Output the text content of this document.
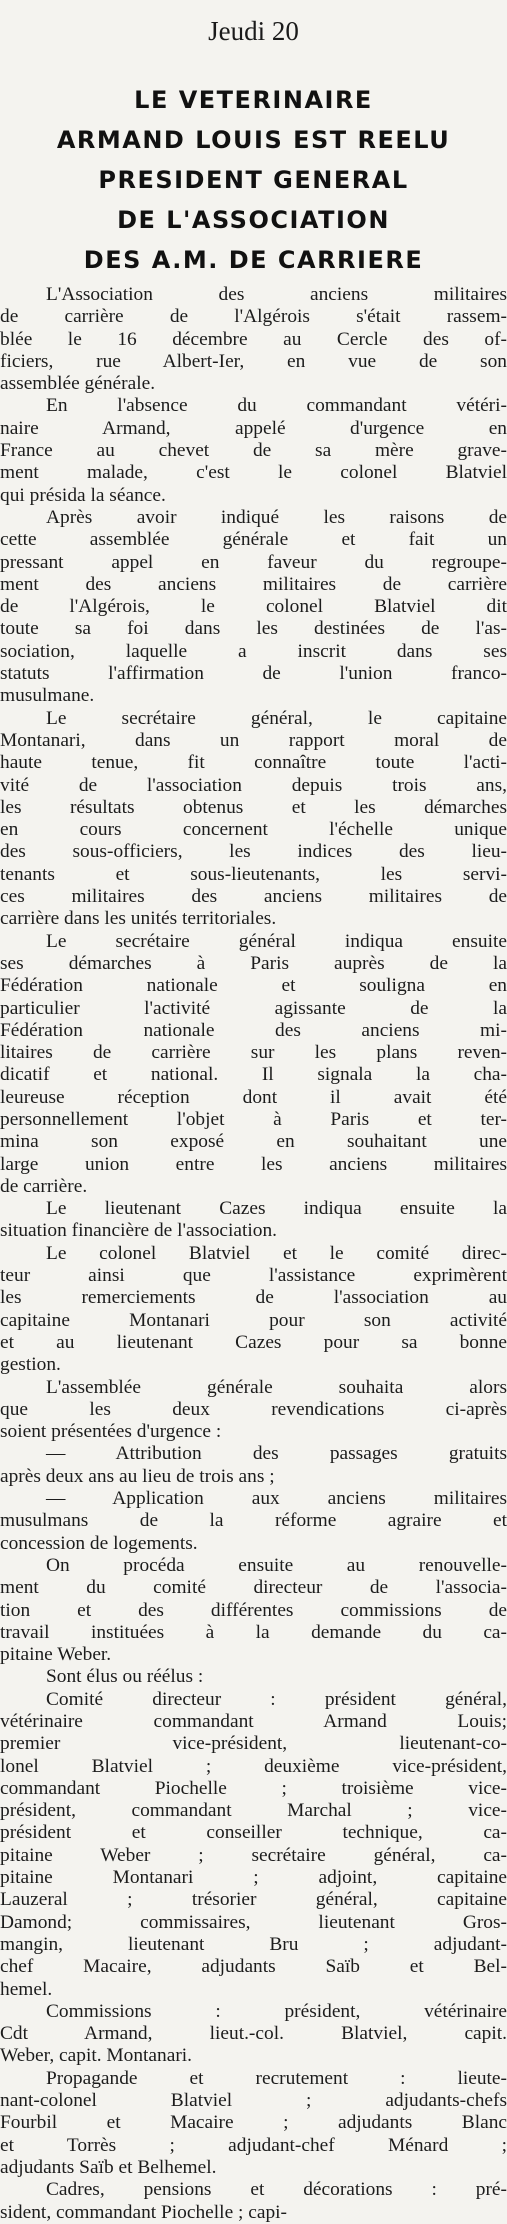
Jeudi 20
LE VETERINAIRE
ARMAND LOUIS EST REELU
PRESIDENT GENERAL
DE L'ASSOCIATION
DES A.M. DE CARRIERE

L'Association des anciens militaires
de carrière de l'Algérois s'était rassem-
blée le 16 décembre au Cercle des of-
ficiers, rue Albert-Ier, en vue de son
assemblée générale.

En l'absence du commandant vétéri-
naire Armand, appelé d'urgence en
France au chevet de sa mère grave-
ment malade, c'est le colonel Blatviel
qui présida la séance.

Après avoir indiqué les raisons de
cette assemblée générale et fait un
pressant appel en faveur du regroupe-
ment des anciens militaires de carrière
de l'Algérois, le colonel Blatviel dit
toute sa foi dans les destinées de l'as-
sociation, laquelle a inscrit dans ses
statuts l'affirmation de l'union franco-
musulmane.

Le secrétaire général, le capitaine
Montanari, dans un rapport moral de
haute tenue, fit connaître toute l'acti-
vité de l'association depuis trois ans,
les résultats obtenus et les démarches
en cours concernent l'échelle unique
des sous-officiers, les indices des lieu-
tenants et sous-lieutenants, les servi-
ces militaires des anciens militaires de
carrière dans les unités territoriales.

Le secrétaire général indiqua ensuite
ses démarches à Paris auprès de la
Fédération nationale et souligna en
particulier l'activité agissante de la
Fédération nationale des anciens mi-
litaires de carrière sur les plans reven-
dicatif et national. Il signala la cha-
leureuse réception dont il avait été
personnellement l'objet à Paris et ter-
mina son exposé en souhaitant une
large union entre les anciens militaires
de carrière.

Le lieutenant Cazes indiqua ensuite la
situation financière de l'association.

Le colonel Blatviel et le comité direc-
teur ainsi que l'assistance exprimèrent
les remerciements de l'association au
capitaine Montanari pour son activité
et au lieutenant Cazes pour sa bonne
gestion.

L'assemblée générale souhaita alors
que les deux revendications ci-après
soient présentées d'urgence :

— Attribution des passages gratuits
après deux ans au lieu de trois ans ;

— Application aux anciens militaires
musulmans de la réforme agraire et
concession de logements.

On procéda ensuite au renouvelle-
ment du comité directeur de l'associa-
tion et des différentes commissions de
travail instituées à la demande du ca-
pitaine Weber.

Sont élus ou réélus :

Comité directeur : président général,
vétérinaire commandant Armand Louis;
premier vice-président, lieutenant-co-
lonel Blatviel ; deuxième vice-président,
commandant Piochelle ; troisième vice-
président, commandant Marchal ; vice-
président et conseiller technique, ca-
pitaine Weber ; secrétaire général, ca-
pitaine Montanari ; adjoint, capitaine
Lauzeral ; trésorier général, capitaine
Damond; commissaires, lieutenant Gros-
mangin, lieutenant Bru ; adjudant-
chef Macaire, adjudants Saïb et Bel-
hemel.

Commissions : président, vétérinaire
Cdt Armand, lieut.-col. Blatviel, capit.
Weber, capit. Montanari.

Propagande et recrutement : lieute-
nant-colonel Blatviel ; adjudants-chefs
Fourbil et Macaire ; adjudants Blanc
et Torrès ; adjudant-chef Ménard ;
adjudants Saïb et Belhemel.

Cadres, pensions et décorations : pré-
sident, commandant Piochelle ; capi-
